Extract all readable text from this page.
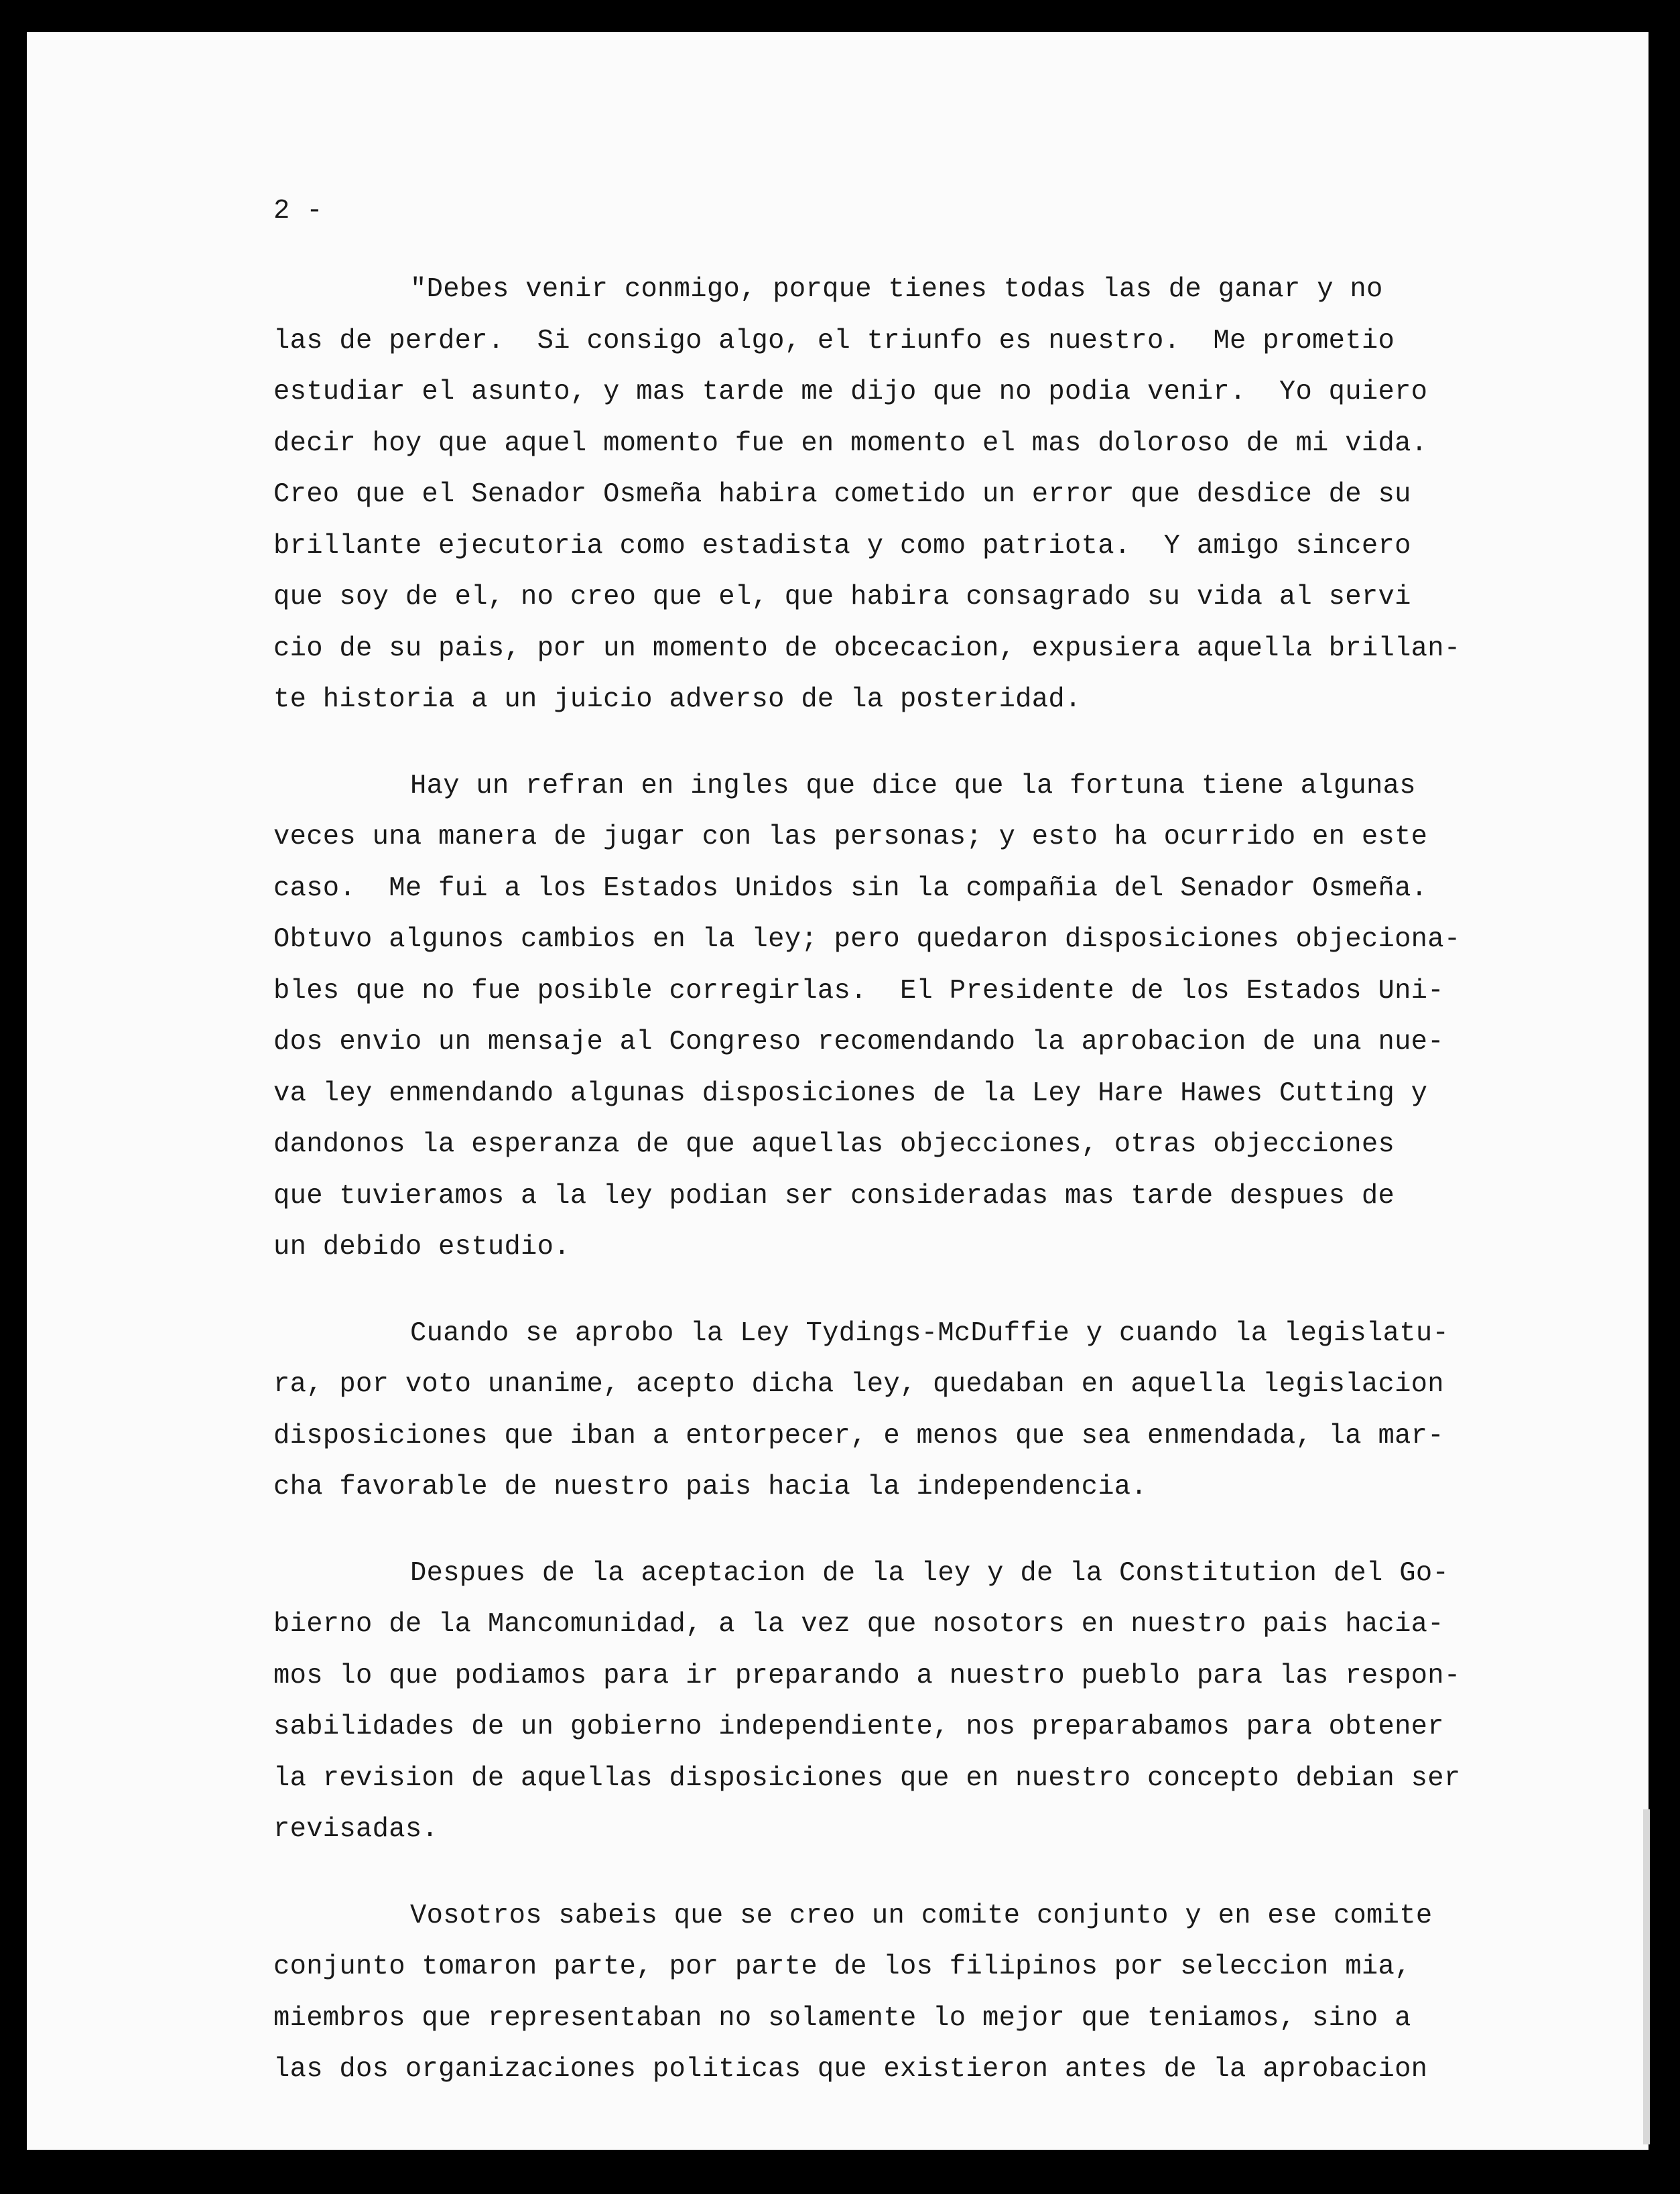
2 -

"Debes venir conmigo, porque tienes todas las de ganar y no
las de perder.  Si consigo algo, el triunfo es nuestro.  Me prometio
estudiar el asunto, y mas tarde me dijo que no podia venir.  Yo quiero
decir hoy que aquel momento fue en momento el mas doloroso de mi vida.
Creo que el Senador Osmeña habira cometido un error que desdice de su
brillante ejecutoria como estadista y como patriota.  Y amigo sincero
que soy de el, no creo que el, que habira consagrado su vida al servi
cio de su pais, por un momento de obcecacion, expusiera aquella brillan-
te historia a un juicio adverso de la posteridad.

Hay un refran en ingles que dice que la fortuna tiene algunas
veces una manera de jugar con las personas; y esto ha ocurrido en este
caso.  Me fui a los Estados Unidos sin la compañia del Senador Osmeña.
Obtuvo algunos cambios en la ley; pero quedaron disposiciones objeciona-
bles que no fue posible corregirlas.  El Presidente de los Estados Uni-
dos envio un mensaje al Congreso recomendando la aprobacion de una nue-
va ley enmendando algunas disposiciones de la Ley Hare Hawes Cutting y
dandonos la esperanza de que aquellas objecciones, otras objecciones
que tuvieramos a la ley podian ser consideradas mas tarde despues de
un debido estudio.

Cuando se aprobo la Ley Tydings-McDuffie y cuando la legislatu-
ra, por voto unanime, acepto dicha ley, quedaban en aquella legislacion
disposiciones que iban a entorpecer, e menos que sea enmendada, la mar-
cha favorable de nuestro pais hacia la independencia.

Despues de la aceptacion de la ley y de la Constitution del Go-
bierno de la Mancomunidad, a la vez que nosotors en nuestro pais hacia-
mos lo que podiamos para ir preparando a nuestro pueblo para las respon-
sabilidades de un gobierno independiente, nos preparabamos para obtener
la revision de aquellas disposiciones que en nuestro concepto debian ser
revisadas.

Vosotros sabeis que se creo un comite conjunto y en ese comite
conjunto tomaron parte, por parte de los filipinos por seleccion mia,
miembros que representaban no solamente lo mejor que teniamos, sino a
las dos organizaciones politicas que existieron antes de la aprobacion
